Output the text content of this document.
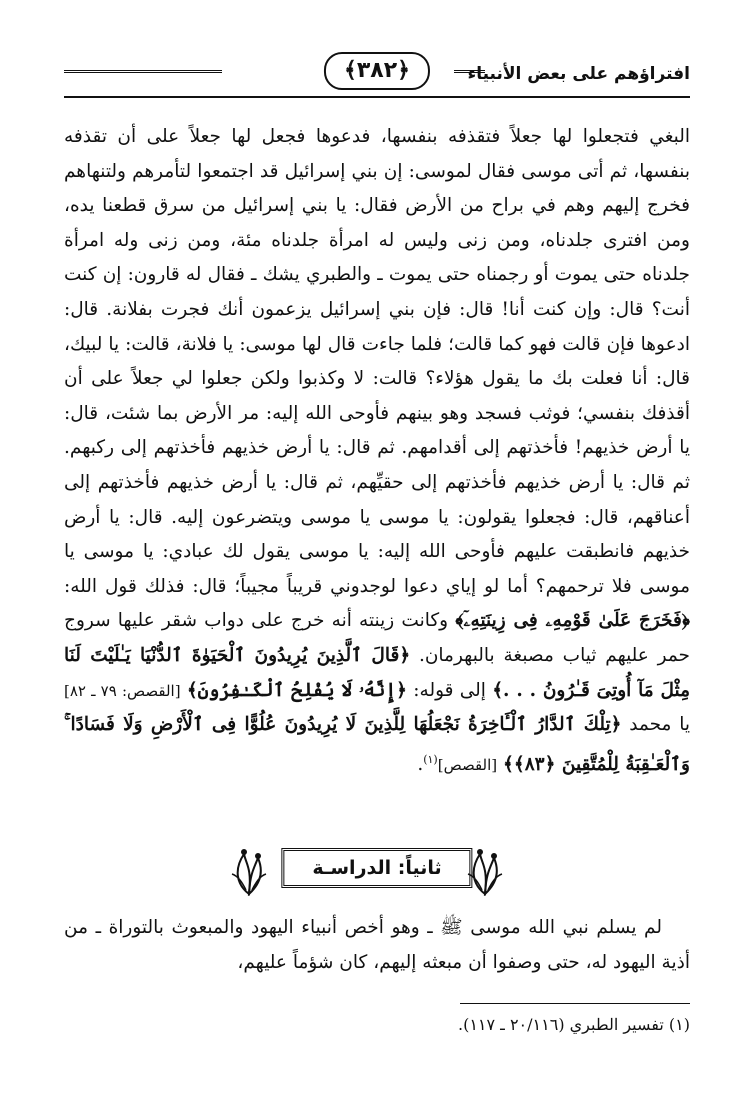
افتراؤهم على بعض الأنبياء
﴿٣٨٢﴾

البغي فتجعلوا لها جعلاً فتقذفه بنفسها، فدعوها فجعل لها جعلاً على أن تقذفه بنفسها، ثم أتى موسى فقال لموسى: إن بني إسرائيل قد اجتمعوا لتأمرهم ولتنهاهم فخرج إليهم وهم في براح من الأرض فقال: يا بني إسرائيل من سرق قطعنا يده، ومن افترى جلدناه، ومن زنى وليس له امرأة جلدناه مئة، ومن زنى وله امرأة جلدناه حتى يموت أو رجمناه حتى يموت ـ والطبري يشك ـ فقال له قارون: إن كنت أنت؟ قال: وإن كنت أنا! قال: فإن بني إسرائيل يزعمون أنك فجرت بفلانة. قال: ادعوها فإن قالت فهو كما قالت؛ فلما جاءت قال لها موسى: يا فلانة، قالت: يا لبيك، قال: أنا فعلت بك ما يقول هؤلاء؟ قالت: لا وكذبوا ولكن جعلوا لي جعلاً على أن أقذفك بنفسي؛ فوثب فسجد وهو بينهم فأوحى الله إليه: مر الأرض بما شئت، قال: يا أرض خذيهم! فأخذتهم إلى أقدامهم. ثم قال: يا أرض خذيهم فأخذتهم إلى ركبهم. ثم قال: يا أرض خذيهم فأخذتهم إلى حقيِّهم، ثم قال: يا أرض خذيهم فأخذتهم إلى أعناقهم، قال: فجعلوا يقولون: يا موسى يا موسى ويتضرعون إليه. قال: يا أرض خذيهم فانطبقت عليهم فأوحى الله إليه: يا موسى يقول لك عبادي: يا موسى يا موسى فلا ترحمهم؟ أما لو إياي دعوا لوجدوني قريباً مجيباً؛ قال: فذلك قول الله: ﴿فَخَرَجَ عَلَىٰ قَوْمِهِۦ فِى زِينَتِهِۦٓ﴾ وكانت زينته أنه خرج على دواب شقر عليها سروج حمر عليهم ثياب مصبغة بالبهرمان. ﴿قَالَ ٱلَّذِينَ يُرِيدُونَ ٱلْحَيَوٰةَ ٱلدُّنْيَا يَـٰلَيْتَ لَنَا مِثْلَ مَآ أُوتِىَ قَـٰرُونُ . . .﴾ إلى قوله: ﴿إِنَّهُۥ لَا يُفْلِحُ ٱلْكَـٰفِرُونَ﴾ [القصص: ٧٩ ـ ٨٢] يا محمد ﴿تِلْكَ ٱلدَّارُ ٱلْـَٔاخِرَةُ نَجْعَلُهَا لِلَّذِينَ لَا يُرِيدُونَ عُلُوًّا فِى ٱلْأَرْضِ وَلَا فَسَادًا ۚ وَٱلْعَـٰقِبَةُ لِلْمُتَّقِينَ ﴿٨٣﴾﴾ [القصص]$^{(١)}$.

ثانياً: الدراسـة

لم يسلم نبي الله موسى ﷺ ـ وهو أخص أنبياء اليهود والمبعوث بالتوراة ـ من أذية اليهود له، حتى وصفوا أن مبعثه إليهم، كان شؤماً عليهم،

(١) تفسير الطبري (٢٠/١١٦ ـ ١١٧).
